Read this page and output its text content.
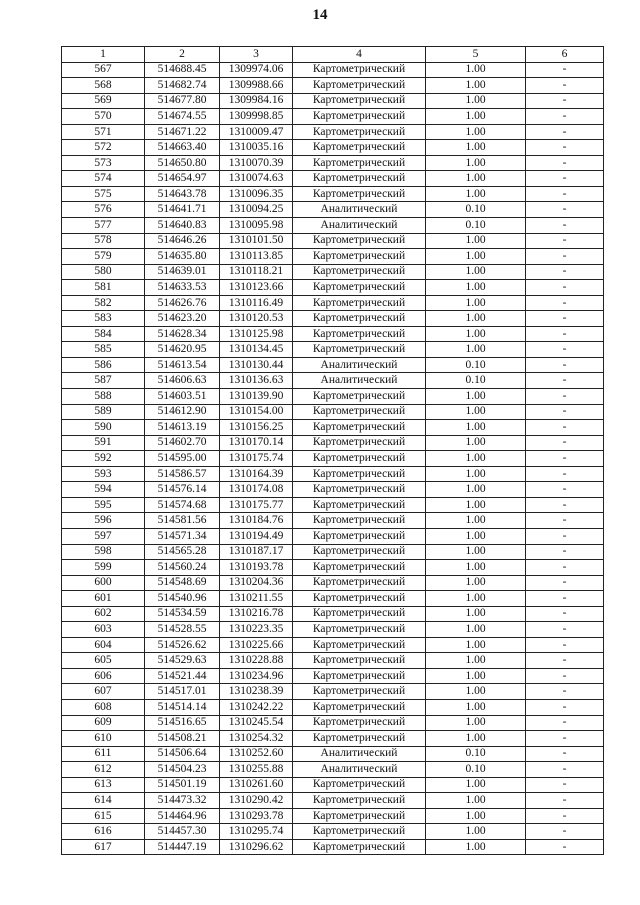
14
1	2	3	4	5	6
567	514688.45	1309974.06	Картометрический	1.00	-
568	514682.74	1309988.66	Картометрический	1.00	-
569	514677.80	1309984.16	Картометрический	1.00	-
570	514674.55	1309998.85	Картометрический	1.00	-
571	514671.22	1310009.47	Картометрический	1.00	-
572	514663.40	1310035.16	Картометрический	1.00	-
573	514650.80	1310070.39	Картометрический	1.00	-
574	514654.97	1310074.63	Картометрический	1.00	-
575	514643.78	1310096.35	Картометрический	1.00	-
576	514641.71	1310094.25	Аналитический	0.10	-
577	514640.83	1310095.98	Аналитический	0.10	-
578	514646.26	1310101.50	Картометрический	1.00	-
579	514635.80	1310113.85	Картометрический	1.00	-
580	514639.01	1310118.21	Картометрический	1.00	-
581	514633.53	1310123.66	Картометрический	1.00	-
582	514626.76	1310116.49	Картометрический	1.00	-
583	514623.20	1310120.53	Картометрический	1.00	-
584	514628.34	1310125.98	Картометрический	1.00	-
585	514620.95	1310134.45	Картометрический	1.00	-
586	514613.54	1310130.44	Аналитический	0.10	-
587	514606.63	1310136.63	Аналитический	0.10	-
588	514603.51	1310139.90	Картометрический	1.00	-
589	514612.90	1310154.00	Картометрический	1.00	-
590	514613.19	1310156.25	Картометрический	1.00	-
591	514602.70	1310170.14	Картометрический	1.00	-
592	514595.00	1310175.74	Картометрический	1.00	-
593	514586.57	1310164.39	Картометрический	1.00	-
594	514576.14	1310174.08	Картометрический	1.00	-
595	514574.68	1310175.77	Картометрический	1.00	-
596	514581.56	1310184.76	Картометрический	1.00	-
597	514571.34	1310194.49	Картометрический	1.00	-
598	514565.28	1310187.17	Картометрический	1.00	-
599	514560.24	1310193.78	Картометрический	1.00	-
600	514548.69	1310204.36	Картометрический	1.00	-
601	514540.96	1310211.55	Картометрический	1.00	-
602	514534.59	1310216.78	Картометрический	1.00	-
603	514528.55	1310223.35	Картометрический	1.00	-
604	514526.62	1310225.66	Картометрический	1.00	-
605	514529.63	1310228.88	Картометрический	1.00	-
606	514521.44	1310234.96	Картометрический	1.00	-
607	514517.01	1310238.39	Картометрический	1.00	-
608	514514.14	1310242.22	Картометрический	1.00	-
609	514516.65	1310245.54	Картометрический	1.00	-
610	514508.21	1310254.32	Картометрический	1.00	-
611	514506.64	1310252.60	Аналитический	0.10	-
612	514504.23	1310255.88	Аналитический	0.10	-
613	514501.19	1310261.60	Картометрический	1.00	-
614	514473.32	1310290.42	Картометрический	1.00	-
615	514464.96	1310293.78	Картометрический	1.00	-
616	514457.30	1310295.74	Картометрический	1.00	-
617	514447.19	1310296.62	Картометрический	1.00	-
